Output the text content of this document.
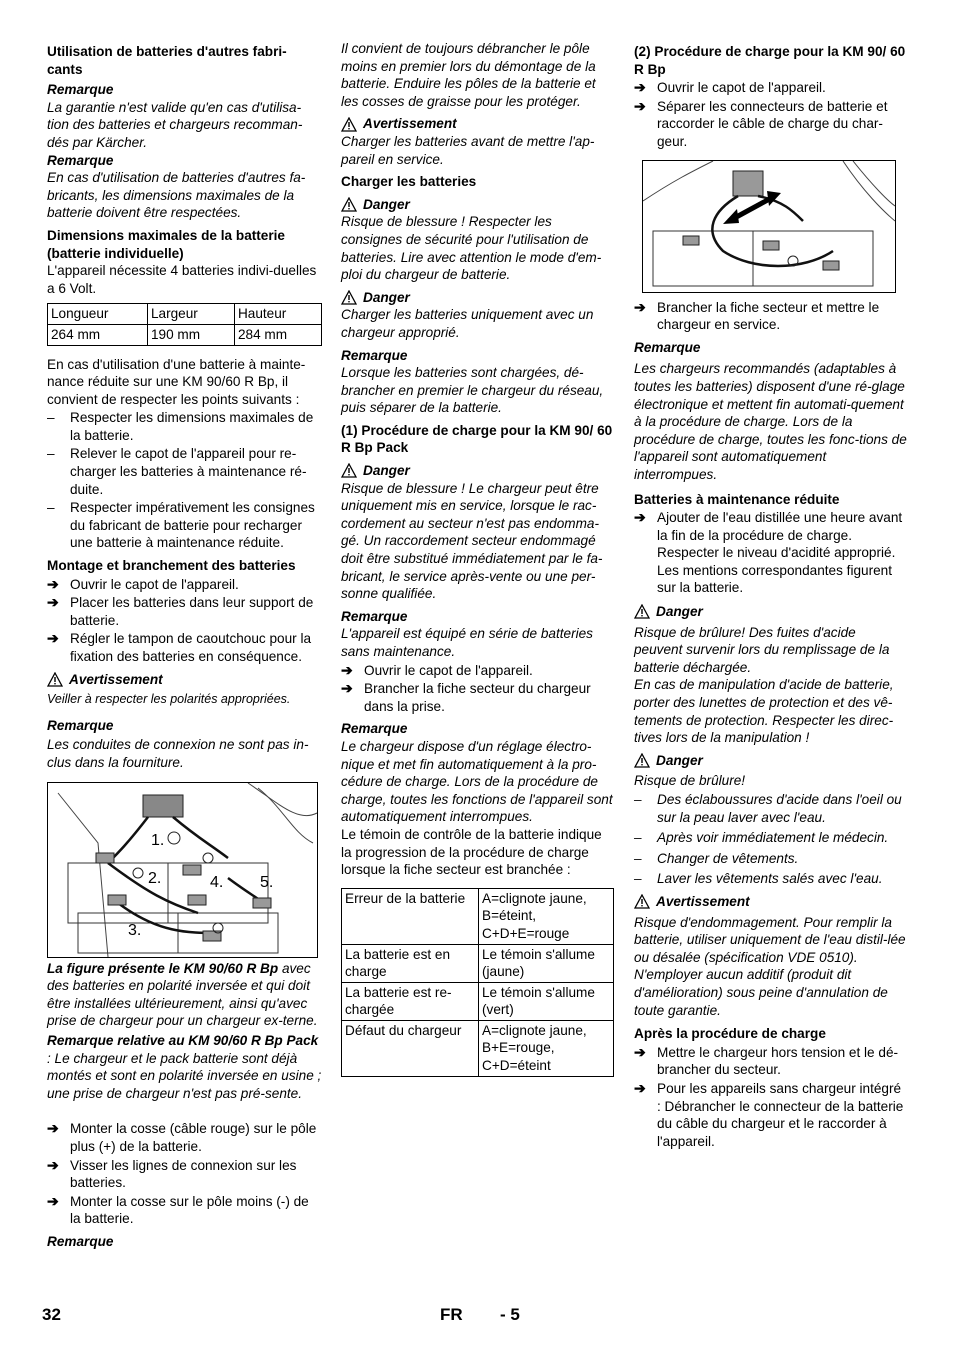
Utilisation de batteries d'autres fabri-cants

Remarque

La garantie n'est valide qu'en cas d'utilisa-tion des batteries et chargeurs recomman-dés par Kärcher.

Remarque

En cas d'utilisation de batteries d'autres fa-bricants, les dimensions maximales de la batterie doivent être respectées.

Dimensions maximales de la batterie (batterie individuelle)

L'appareil nécessite 4 batteries indivi-duelles a 6 Volt.

Longueur	Largeur	Hauteur
264 mm	190 mm	284 mm

En cas d'utilisation d'une batterie à mainte-nance réduite sur une KM 90/60 R Bp, il convient de respecter les points suivants :

–	Respecter les dimensions maximales de la batterie.
–	Relever le capot de l'appareil pour re-charger les batteries à maintenance ré-duite.
–	Respecter impérativement les consignes du fabricant de batterie pour recharger une batterie à maintenance réduite.

Montage et branchement des batteries

➔ Ouvrir le capot de l'appareil.
➔ Placer les batteries dans leur support de batterie.
➔ Régler le tampon de caoutchouc pour la fixation des batteries en conséquence.
Avertissement

Veiller à respecter les polarités appropriées.

Remarque

Les conduites de connexion ne sont pas in-clus dans la fourniture.

1.
2.
3.
4. 5.

La figure présente le KM 90/60 R Bp avec des batteries en polarité inversée et qui doit être installées ultérieurement, ainsi qu'avec prise de chargeur pour un chargeur ex-terne.

Remarque relative au KM 90/60 R Bp Pack : Le chargeur et le pack batterie sont déjà montés et sont en polarité inversée en usine ; une prise de chargeur n'est pas pré-sente.

➔ Monter la cosse (câble rouge) sur le pôle plus (+) de la batterie.
➔ Visser les lignes de connexion sur les batteries.
➔ Monter la cosse sur le pôle moins (-) de la batterie.

Remarque

Il convient de toujours débrancher le pôle moins en premier lors du démontage de la batterie. Enduire les pôles de la batterie et les cosses de graisse pour les protéger.

Avertissement

Charger les batteries avant de mettre l'ap-pareil en service.

Charger les batteries

Danger

Risque de blessure ! Respecter les consignes de sécurité pour l'utilisation de batteries. Lire avec attention le mode d'em-ploi du chargeur de batterie.

Danger

Charger les batteries uniquement avec un chargeur approprié.

Remarque

Lorsque les batteries sont chargées, dé-brancher en premier le chargeur du réseau, puis séparer de la batterie.

(1) Procédure de charge pour la KM 90/ 60 R Bp Pack

Danger

Risque de blessure ! Le chargeur peut être uniquement mis en service, lorsque le rac-cordement au secteur n'est pas endomma-gé. Un raccordement secteur endommagé doit être substitué immédiatement par le fa-bricant, le service après-vente ou une per-sonne qualifiée.

Remarque

L'appareil est équipé en série de batteries sans maintenance.

➔ Ouvrir le capot de l'appareil.
➔ Brancher la fiche secteur du chargeur dans la prise.

Remarque

Le chargeur dispose d'un réglage électro-nique et met fin automatiquement à la pro-cédure de charge. Lors de la procédure de charge, toutes les fonctions de l'appareil sont automatiquement interrompues.

Le témoin de contrôle de la batterie indique la progression de la procédure de charge lorsque la fiche secteur est branchée :

Erreur de la batterie	A=clignote jaune, B=éteint, C+D+E=rouge
La batterie est en charge	Le témoin s'allume (jaune)
La batterie est re-chargée	Le témoin s'allume (vert)
Défaut du chargeur	A=clignote jaune, B+E=rouge, C+D=éteint

(2) Procédure de charge pour la KM 90/ 60 R Bp

➔ Ouvrir le capot de l'appareil.
➔ Séparer les connecteurs de batterie et raccorder le câble de charge du char-geur.
➔ Brancher la fiche secteur et mettre le chargeur en service.

Remarque

Les chargeurs recommandés (adaptables à toutes les batteries) disposent d'une ré-glage électronique et mettent fin automati-quement à la procédure de charge. Lors de la procédure de charge, toutes les fonc-tions de l'appareil sont automatiquement interrompues.

Batteries à maintenance réduite

➔ Ajouter de l'eau distillée une heure avant la fin de la procédure de charge. Respecter le niveau d'acidité approprié. Les mentions correspondantes figurent sur la batterie.
Danger

Risque de brûlure! Des fuites d'acide peuvent survenir lors du remplissage de la batterie déchargée.

En cas de manipulation d'acide de batterie, porter des lunettes de protection et des vê-tements de protection. Respecter les direc-tives lors de la manipulation !

Danger

Risque de brûlure!

–	Des éclaboussures d'acide dans l'oeil ou sur la peau laver avec l'eau.
–	Après voir immédiatement le médecin.
–	Changer de vêtements.
–	Laver les vêtements salés avec l'eau.
Avertissement

Risque d'endommagement. Pour remplir la batterie, utiliser uniquement de l'eau distil-lée ou désalée (spécification VDE 0510). N'employer aucun additif (produit dit d'amélioration) sous peine d'annulation de toute garantie.

Après la procédure de charge

➔ Mettre le chargeur hors tension et le dé-brancher du secteur.
➔ Pour les appareils sans chargeur intégré : Débrancher le connecteur de la batterie du câble du chargeur et le raccorder à l'appareil.
32	FR - 5
